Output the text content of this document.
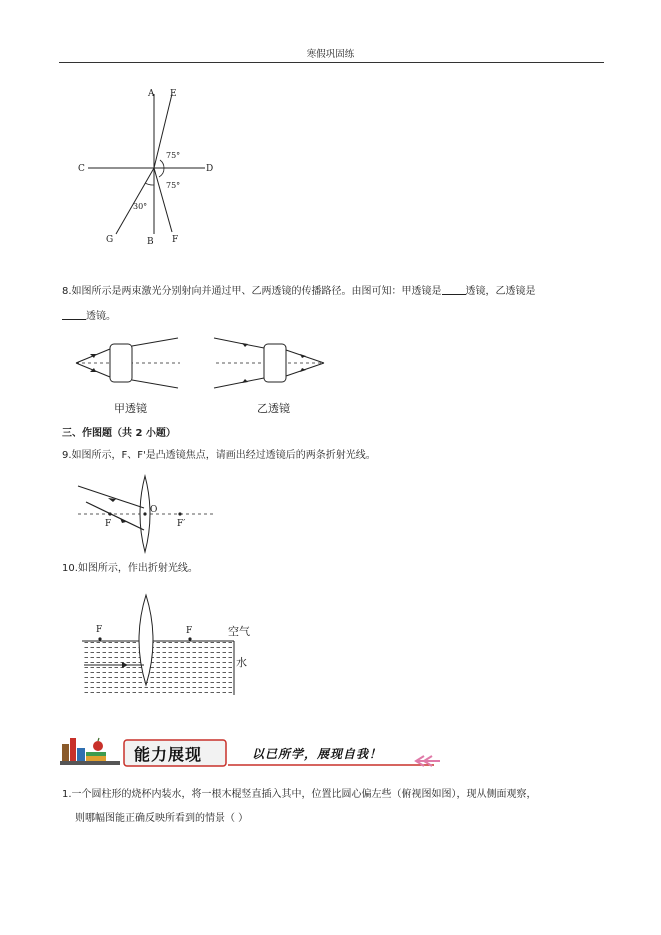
寒假巩固练
A E
C	D
G	B F
75°
75°
30°
8.如图所示是两束激光分别射向并通过甲、乙两透镜的传播路径。由图可知：甲透镜是 透镜，乙透镜是
透镜。
甲透镜	乙透镜
三、作图题（共 2 小题）
9.如图所示，F、F'是凸透镜焦点，请画出经过透镜后的两条折射光线。
F
O
F′
10.如图所示，作出折射光线。
F	F	空气
水
能力展现	以已所学，展现自我！
1.一个圆柱形的烧杯内装水，将一根木棍竖直插入其中，位置比圆心偏左些（俯视图如图），现从侧面观察，
则哪幅图能正确反映所看到的情景（ ）
